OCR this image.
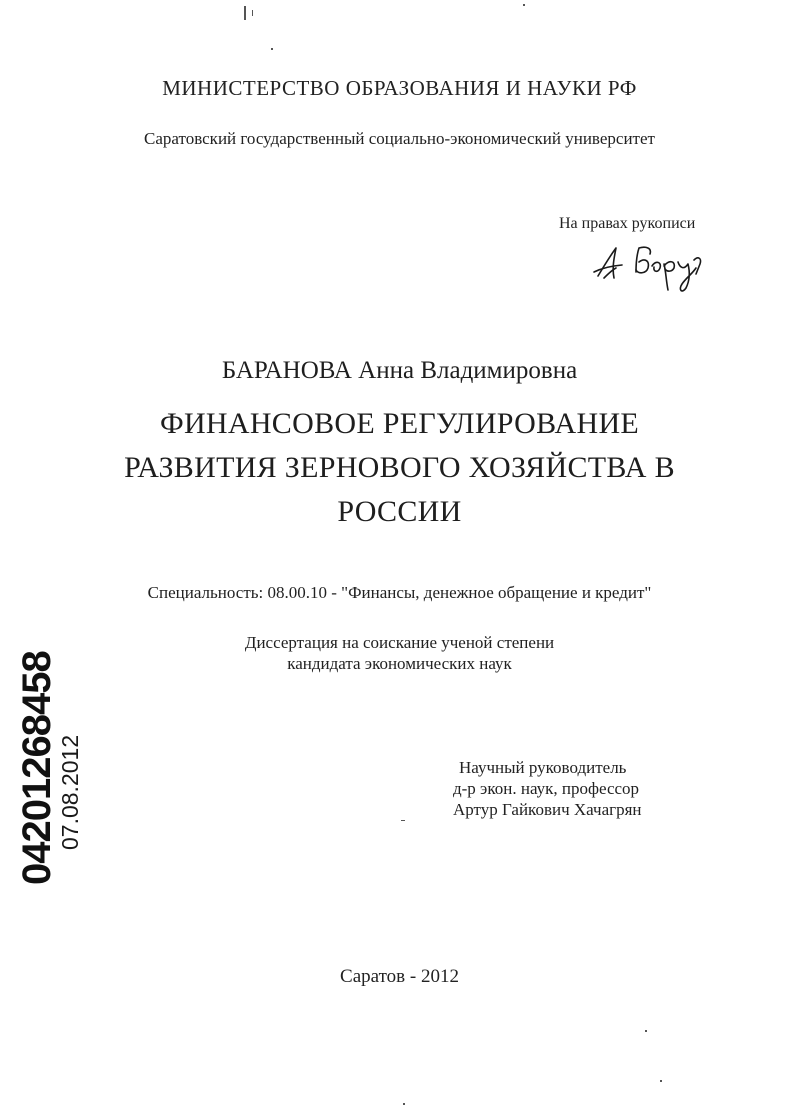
МИНИСТЕРСТВО ОБРАЗОВАНИЯ И НАУКИ РФ
Саратовский государственный социально-экономический университет
На правах рукописи
БАРАНОВА Анна Владимировна
ФИНАНСОВОЕ РЕГУЛИРОВАНИЕ
РАЗВИТИЯ ЗЕРНОВОГО ХОЗЯЙСТВА В
РОССИИ
Специальность: 08.00.10 - "Финансы, денежное обращение и кредит"
Диссертация на соискание ученой степени
кандидата экономических наук
Научный руководитель
д-р экон. наук, профессор
Артур Гайкович Хачагрян
Саратов - 2012
04201268458
07.08.2012
